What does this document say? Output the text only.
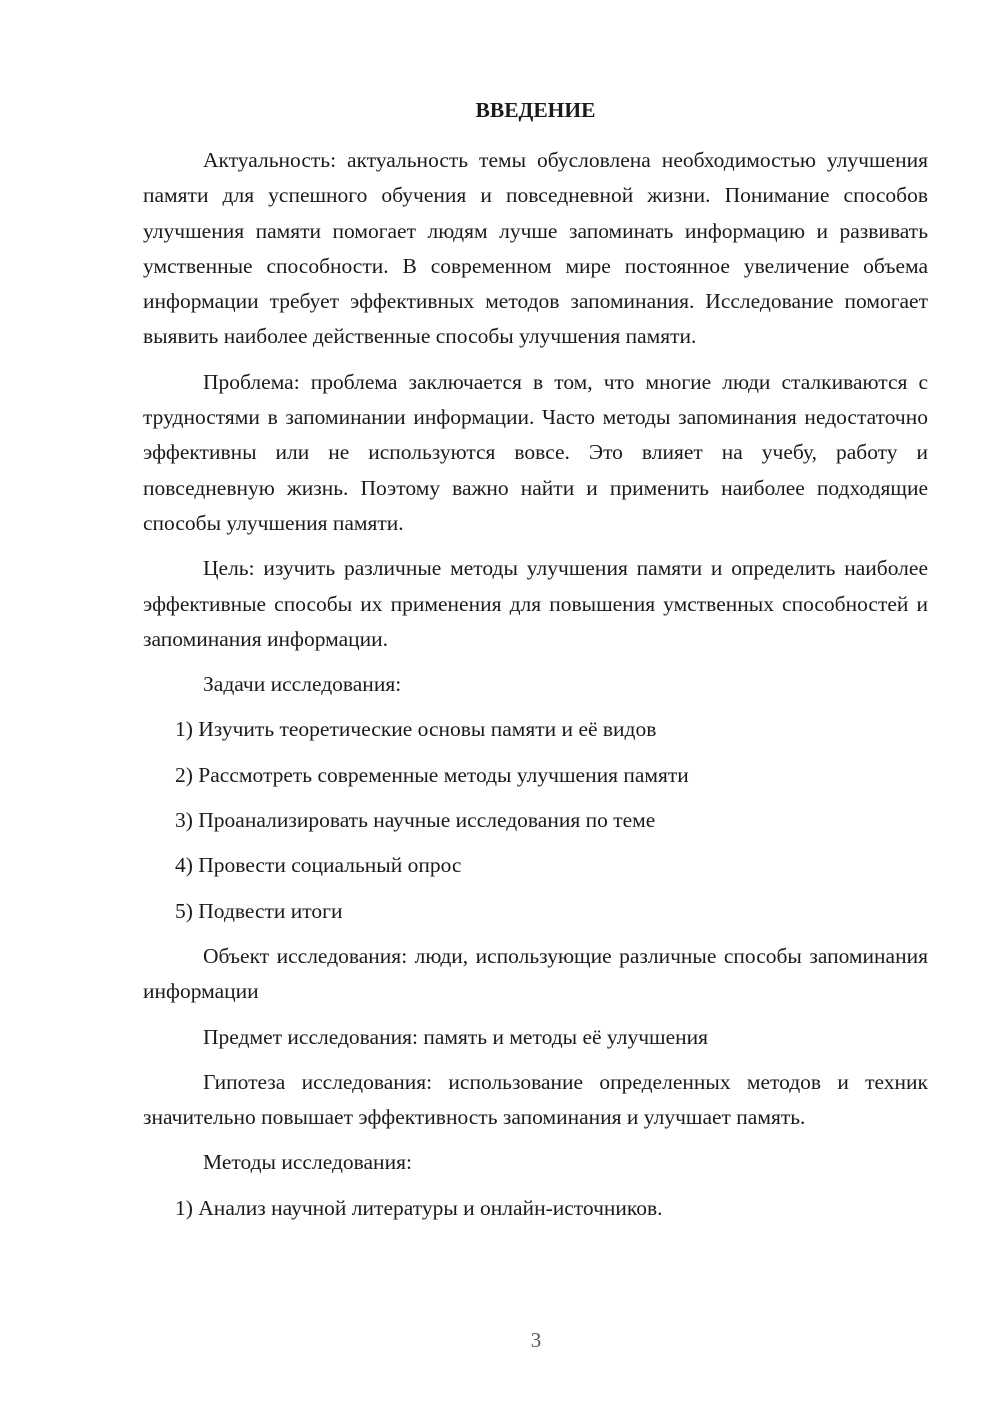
ВВЕДЕНИЕ

Актуальность: актуальность темы обусловлена необходимостью улучшения памяти для успешного обучения и повседневной жизни. Понимание способов улучшения памяти помогает людям лучше запоминать информацию и развивать умственные способности. В современном мире постоянное увеличение объема информации требует эффективных методов запоминания. Исследование помогает выявить наиболее действенные способы улучшения памяти.

Проблема: проблема заключается в том, что многие люди сталкиваются с трудностями в запоминании информации. Часто методы запоминания недостаточно эффективны или не используются вовсе. Это влияет на учебу, работу и повседневную жизнь. Поэтому важно найти и применить наиболее подходящие способы улучшения памяти.

Цель: изучить различные методы улучшения памяти и определить наиболее эффективные способы их применения для повышения умственных способностей и запоминания информации.

Задачи исследования:

1) Изучить теоретические основы памяти и её видов

2) Рассмотреть современные методы улучшения памяти

3) Проанализировать научные исследования по теме

4) Провести социальный опрос

5) Подвести итоги

Объект исследования: люди, использующие различные способы запоминания информации

Предмет исследования: память и методы её улучшения

Гипотеза исследования: использование определенных методов и техник значительно повышает эффективность запоминания и улучшает память.

Методы исследования:

1) Анализ научной литературы и онлайн-источников.

3
